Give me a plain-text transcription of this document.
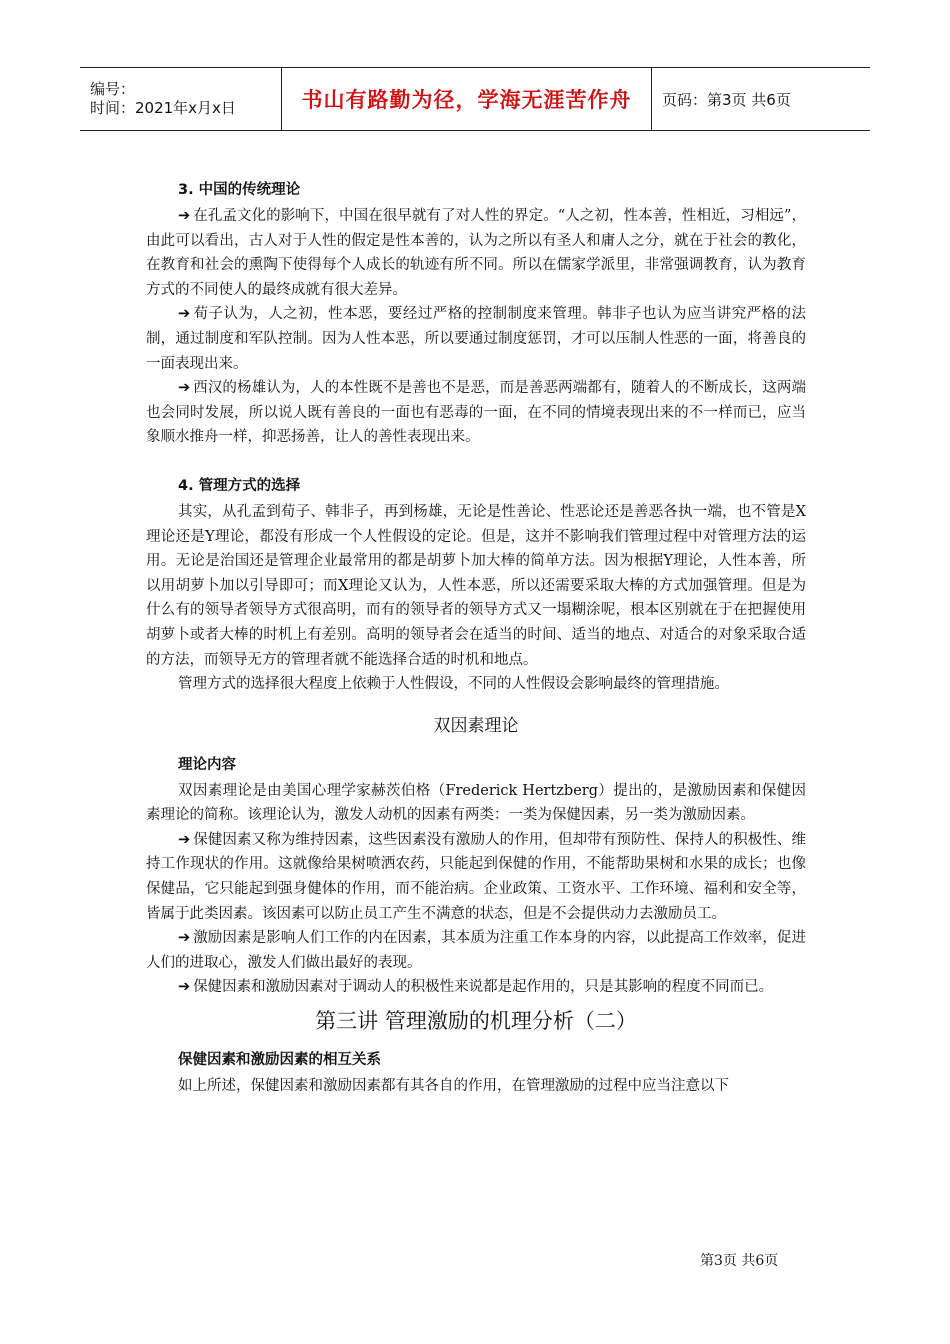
编号：
时间：2021年x月x日	书山有路勤为径，学海无涯苦作舟 页码：第3页 共6页
3. 中国的传统理论

➔ 在孔孟文化的影响下，中国在很早就有了对人性的界定。“人之初，性本善，性相近，习相远”，由此可以看出，古人对于人性的假定是性本善的，认为之所以有圣人和庸人之分，就在于社会的教化，在教育和社会的熏陶下使得每个人成长的轨迹有所不同。所以在儒家学派里，非常强调教育，认为教育方式的不同使人的最终成就有很大差异。

➔ 荀子认为，人之初，性本恶，要经过严格的控制制度来管理。韩非子也认为应当讲究严格的法制，通过制度和军队控制。因为人性本恶，所以要通过制度惩罚，才可以压制人性恶的一面，将善良的一面表现出来。

➔ 西汉的杨雄认为，人的本性既不是善也不是恶，而是善恶两端都有，随着人的不断成长，这两端也会同时发展，所以说人既有善良的一面也有恶毒的一面，在不同的情境表现出来的不一样而已，应当象顺水推舟一样，抑恶扬善，让人的善性表现出来。

4. 管理方式的选择

其实，从孔孟到荀子、韩非子，再到杨雄，无论是性善论、性恶论还是善恶各执一端，也不管是X理论还是Y理论，都没有形成一个人性假设的定论。但是，这并不影响我们管理过程中对管理方法的运用。无论是治国还是管理企业最常用的都是胡萝卜加大棒的简单方法。因为根据Y理论，人性本善，所以用胡萝卜加以引导即可；而X理论又认为，人性本恶，所以还需要采取大棒的方式加强管理。但是为什么有的领导者领导方式很高明，而有的领导者的领导方式又一塌糊涂呢，根本区别就在于在把握使用胡萝卜或者大棒的时机上有差别。高明的领导者会在适当的时间、适当的地点、对适合的对象采取合适的方法，而领导无方的管理者就不能选择合适的时机和地点。

管理方式的选择很大程度上依赖于人性假设，不同的人性假设会影响最终的管理措施。

双因素理论
理论内容

双因素理论是由美国心理学家赫茨伯格（Frederick Hertzberg）提出的，是激励因素和保健因素理论的简称。该理论认为，激发人动机的因素有两类：一类为保健因素，另一类为激励因素。

➔ 保健因素又称为维持因素，这些因素没有激励人的作用，但却带有预防性、保持人的积极性、维持工作现状的作用。这就像给果树喷洒农药，只能起到保健的作用，不能帮助果树和水果的成长；也像保健品，它只能起到强身健体的作用，而不能治病。企业政策、工资水平、工作环境、福利和安全等，皆属于此类因素。该因素可以防止员工产生不满意的状态，但是不会提供动力去激励员工。

➔ 激励因素是影响人们工作的内在因素，其本质为注重工作本身的内容，以此提高工作效率，促进人们的进取心，激发人们做出最好的表现。

➔ 保健因素和激励因素对于调动人的积极性来说都是起作用的，只是其影响的程度不同而已。

第三讲 管理激励的机理分析（二）
保健因素和激励因素的相互关系

如上所述，保健因素和激励因素都有其各自的作用，在管理激励的过程中应当注意以下

第3页 共6页
